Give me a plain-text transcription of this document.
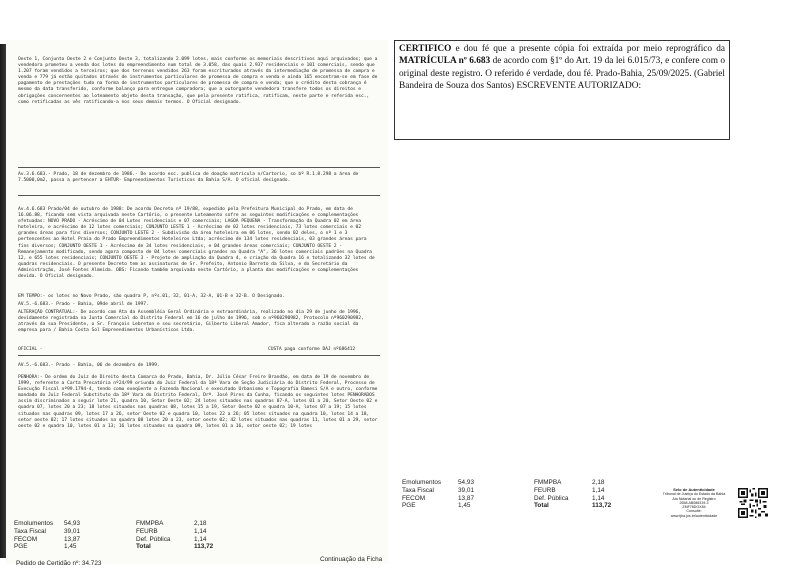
Oeste 1, Conjunto Oeste 2 e Conjunto Oeste 3, totalizando 2.099 lotes, mais conforme os memoriais descritivos aqui arquivados; que a vendedora prometeu a venda dos lotes do empreendimento num total de 3.058, das quais 2.937 residenciais e 101 comerciais, sendo que 1.207 foram vendidos a terceiros; que dos terrenos vendidos 263 foram escriturados através da intermediação de promessa de compra e venda e 779 já estão quitados através de instrumentos particulares de promessa de compra e venda e ainda 165 encontram-se em fase de pagamento de prestações tudo na forma de instrumentos particulares de promessa de compra e venda; que o crédito desta cobrança é mesmo da data transferido, conforme balanço para entregue compradora; que a outorgante vendedora transfere todos os direitos e obrigações concernentes ao loteamento objeto desta transação, que pela presente ratifica, ratificam, neste parte e referida esc., como retificadas as vês ratificando-a nos seus demais termos. O Oficial designado.

Av.3.6.683.- Prado, 18 de dezembro de 1986.- De acordo esc. publica de doação matricula n/Cartorio, so bº R.1.8.298 a área de 7.5000,0m2, passa a pertencer a EHTUR- Empreendimentos Turísticos da Bahia S/A. O oficial designado.

Av.4.6.683 Prado/04 de outubro de 1988: De acordo Decreto nº 19/88, expedido pela Prefeitura Municipal do Prado, em data de 16.06.88, ficando sem vista arquivada neste Cartório, o presente Loteamento sofre as seguintes modificações e complementações efetuadas: NOVO PRADO - Acréscimo de 04 Lotes residenciais e 07 comerciais; LAGOA PEQUENA - Transformação da Quadra 02 em área hoteleira, e acréscimo de 12 lotes comerciais; CONJUNTO LESTE 1 - Acréscimo de 02 lotes residenciais, 73 lotes comerciais e 02 grandes áreas para fins diversos; CONJUNTO LESTE 2 - Subdivisão da área hoteleira em 06 lotes, sendo 02 deles, o nº 1 e 3 pertencentes ao Hotel Praia do Prado Empreendimentos Hoteleiros Ltda; acréscimo de 134 lotes residenciais, 03 grandes áreas para fins diversos; CONJUNTO OESTE 1 - Acréscimo de 34 lotes residenciais, e 04 grandes áreas comerciais; CONJUNTO OESTE 2 - Remanejamento modificado, sendo agora composto de 04 lotes comerciais grandes na Quadra "A", 36 lotes comerciais padrões na Quadra 12, e 655 lotes residenciais; CONJUNTO OESTE 3 - Projeto de ampliação da Quadra 4, e criação da Quadra 16 e totalizando 32 lotes de quadras residenciais. O presente Decreto tem as assinaturas de Sr. Prefeito, Antonio Barreto da Silva, e do Secretário da Administração, José Fontes Almeida. OBS: Ficando também arquivada neste Cartório, a planta das modificações e complementações devida. O Oficial designado.

EM TEMPO:- os lotes no Novo Prado, são quadra P, nºs.01, 32, 01-A, 32-A, 01-B e 32-B. O Designado.

AV.5.-6.683.- Prado - Bahia, 09de abril de 1997.

ALTERAÇÃO CONTRATUAL:- De acordo com Ata da Assembléia Geral Ordinária e extraordinária, realizado no dia 29 de junho de 1996, devidamente registrada na Junta Comercial do Distrito Federal em 16 de julho de 1996, sob o nº960290982, Protocolo nº960290982, através da sua Presidente, o Sr. François Lebreton e seu secretário, Gilberto Liberal Amador, fica alterado a razão social da empresa para / Bahia Costa Sol Empreendimentos Urbanísticos Ltda.

OFICIAL -	CUSTA paga conforme DAJ nº686412

AV.5.-6.683.- Prado - Bahia, 06 de dezembro de 1999.

PENHORA:- De ordem do Juiz de Direito desta Comarca do Prado, Bahia, Dr. Júlio César Freire Brandão, em data de 19 de novembro de 1999, referente a Carta Precatória nº24/99 oriunda do Juiz Federal da 18ª Vara de Seção Judiciária do Distrito Federal, Processo de Execução Fiscal nº99.1794-4, tendo como exeqüente a Fazenda Nacional e executado Urbanismo e Topografia Bamesi S/A e outro, conforme mandado do Juiz Federal Substituto da 18ª Vara do Distrito Federal, Drª. José Pires da Cunha, ficando os seguintes lotes PENHORADOS assim discriminados a seguir lote 21, quadra 10, Setor Oeste 02; 24 lotes situados nas quadras 07-A, lotes 01 a 20, Setor Oeste 02 e quadra 07, lotes 20 a 23; 18 lotes situados nas quadras 08, lotes 15 a 19, Setor Oeste 02 e quadra 10-A, lotes 07 a 19; 15 lotes situados nas quadras 09, lotes 17 a 26, setor Oeste 02 e quadra 10, lotes 22 a 26; 05 lotes situados na quadra 10, lotes 14 a 18, setor oeste 02; 17 lotes situados na quadra 08 lotes 20 a 23, setor oeste 02; 42 lotes situados nas quadras 11, lotes 01 a 29, setor oeste 02 e quadra 10, lotes 01 a 13; 16 lotes situados na quadra 09, lotes 01 a 16, setor oeste 02; 19 lotes

Emolumentos	54,93	FMMPBA	2,18
Taxa Fiscal	39,01	FEURB	1,14
FECOM	13,87	Def. Pública	1,14
PGE	1,45	Total	113,72
Pedido de Certidão nº: 34.723
Continuação da Ficha
CERTIFICO e dou fé que a presente cópia foi extraída por meio reprográfico da MATRÍCULA nº 6.683 de acordo com §1º do Art. 19 da lei 6.015/73, e confere com o original deste registro. O referido é verdade, dou fé. Prado-Bahia, 25/09/2025. (Gabriel Bandeira de Souza dos Santos) ESCREVENTE AUTORIZADO:
Emolumentos	54,93	FMMPBA	2,18
Taxa Fiscal	39,01	FEURB	1,14
FECOM	13,87	Def. Pública	1,14
PGE	1,45	Total	113,72
Selo de Autenticidade
Tribunal de Justiça do Estado da Bahia
Ato Notarial ou de Registro
2658.AB088319-3
ZMF78DOX84
Consulte:
www.tjba.jus.br/autenticidade
